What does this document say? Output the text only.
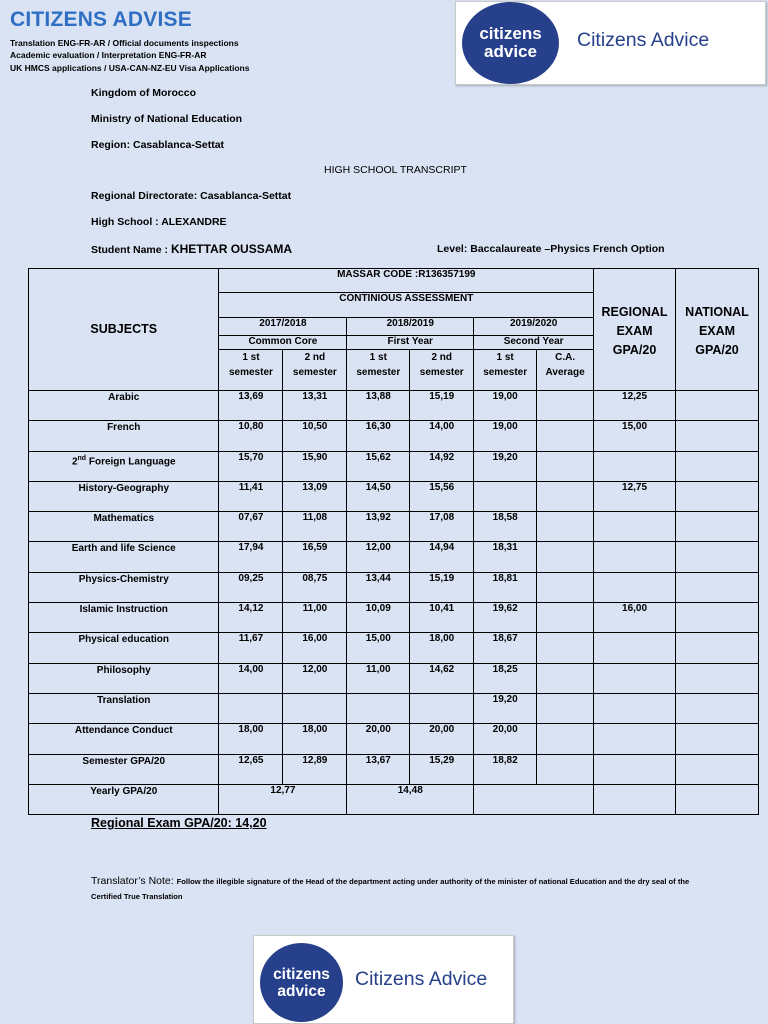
CITIZENS ADVISE
Translation ENG-FR-AR / Official documents inspections
Academic evaluation / Interpretation ENG-FR-AR
UK HMCS applications / USA-CAN-NZ-EU Visa Applications
citizens
advice
Citizens Advice
Kingdom of Morocco
Ministry of National Education
Region: Casablanca-Settat
HIGH SCHOOL TRANSCRIPT
Regional Directorate: Casablanca-Settat
High School : ALEXANDRE
Student Name : KHETTAR OUSSAMA	Level: Baccalaureate –Physics French Option
SUBJECTS	MASSAR CODE :R136357199						REGIONAL EXAM GPA/20	NATIONAL EXAM GPA/20
	CONTINIOUS ASSESSMENT							
	2017/2018		2018/2019		2019/2020			
	Common Core		First Year		Second Year			
	1 st semester	2 nd semester	1 st semester	2 nd semester	1 st semester	C.A. Average		
Arabic	13,69	13,31	13,88	15,19	19,00		12,25	
French	10,80	10,50	16,30	14,00	19,00		15,00	
2nd Foreign Language	15,70	15,90	15,62	14,92	19,20			
History-Geography	11,41	13,09	14,50	15,56			12,75	
Mathematics	07,67	11,08	13,92	17,08	18,58			
Earth and life Science	17,94	16,59	12,00	14,94	18,31			
Physics-Chemistry	09,25	08,75	13,44	15,19	18,81			
Islamic Instruction	14,12	11,00	10,09	10,41	19,62		16,00	
Physical education	11,67	16,00	15,00	18,00	18,67			
Philosophy	14,00	12,00	11,00	14,62	18,25			
Translation					19,20			
Attendance Conduct	18,00	18,00	20,00	20,00	20,00			
Semester GPA/20	12,65	12,89	13,67	15,29	18,82			
Yearly GPA/20	12,77		14,48					
Regional Exam GPA/20: 14,20
Translator’s Note: Follow the illegible signature of the Head of the department acting under authority of the minister of national Education and the dry seal of the Certified True Translation
citizens
advice
Citizens Advice
